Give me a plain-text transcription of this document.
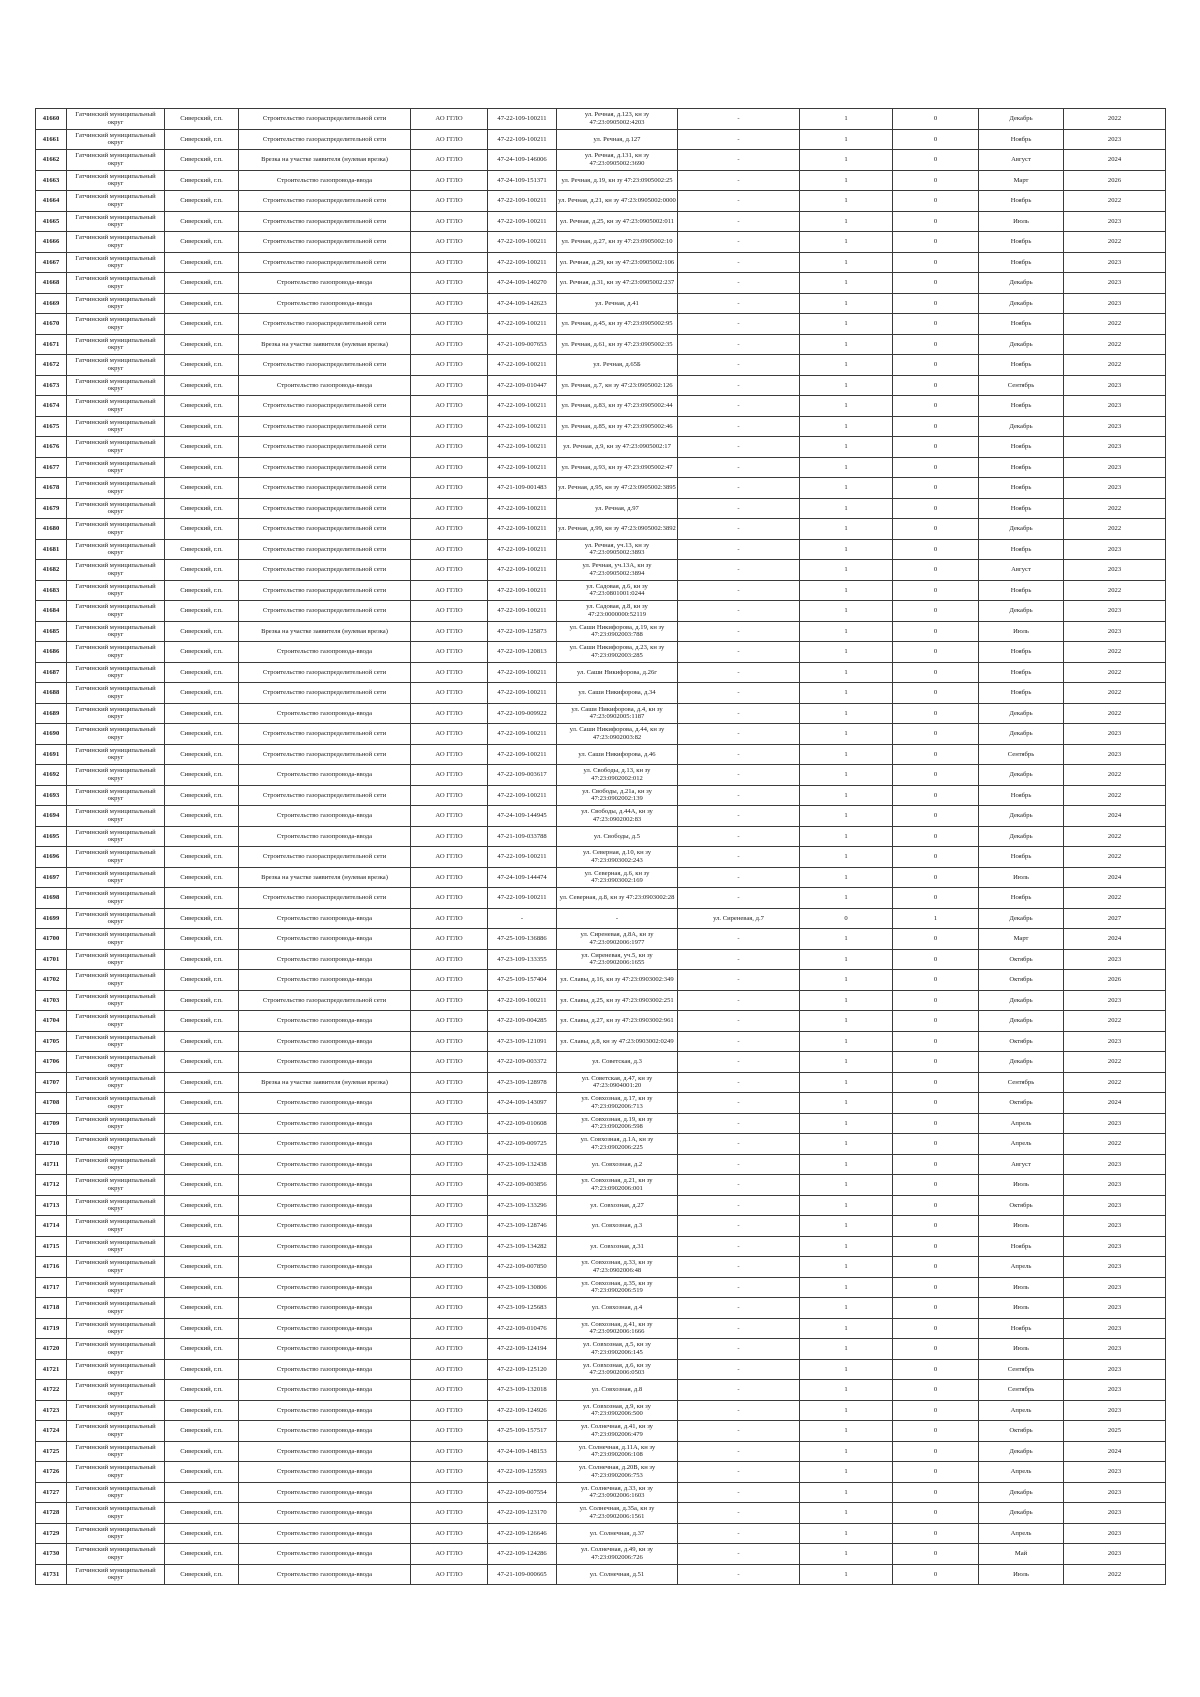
41660	Гатчинский муниципальный округ	Сиверский, г.п.	Строительство газораспределительной сети	АО ГГЛО	47-22-109-100211	ул. Речная, д.123, кн зу 47:23:0905002:4203	-	1	0	Декабрь	2022
41661	Гатчинский муниципальный округ	Сиверский, г.п.	Строительство газораспределительной сети	АО ГГЛО	47-22-109-100211	ул. Речная, д.127	-	1	0	Ноябрь	2023
41662	Гатчинский муниципальный округ	Сиверский, г.п.	Врезка на участке заявителя (нулевая врезка)	АО ГГЛО	47-24-109-146006	ул. Речная, д.131, кн зу 47:23:0905002:3690	-	1	0	Август	2024
41663	Гатчинский муниципальный округ	Сиверский, г.п.	Строительство газопровода-ввода	АО ГГЛО	47-24-109-151371	ул. Речная, д.19, кн зу 47:23:0905002:25	-	1	0	Март	2026
41664	Гатчинский муниципальный округ	Сиверский, г.п.	Строительство газораспределительной сети	АО ГГЛО	47-22-109-100211	ул. Речная, д.21, кн зу 47:23:0905002:0000	-	1	0	Ноябрь	2022
41665	Гатчинский муниципальный округ	Сиверский, г.п.	Строительство газораспределительной сети	АО ГГЛО	47-22-109-100211	ул. Речная, д.25, кн зу 47:23:0905002:011	-	1	0	Июль	2023
41666	Гатчинский муниципальный округ	Сиверский, г.п.	Строительство газораспределительной сети	АО ГГЛО	47-22-109-100211	ул. Речная, д.27, кн зу 47:23:0905002:10	-	1	0	Ноябрь	2022
41667	Гатчинский муниципальный округ	Сиверский, г.п.	Строительство газораспределительной сети	АО ГГЛО	47-22-109-100211	ул. Речная, д.29, кн зу 47:23:0905002:106	-	1	0	Ноябрь	2023
41668	Гатчинский муниципальный округ	Сиверский, г.п.	Строительство газопровода-ввода	АО ГГЛО	47-24-109-140270	ул. Речная, д.31, кн зу 47:23:0905002:237	-	1	0	Декабрь	2023
41669	Гатчинский муниципальный округ	Сиверский, г.п.	Строительство газопровода-ввода	АО ГГЛО	47-24-109-142623	ул. Речная, д.41	-	1	0	Декабрь	2023
41670	Гатчинский муниципальный округ	Сиверский, г.п.	Строительство газораспределительной сети	АО ГГЛО	47-22-109-100211	ул. Речная, д.45, кн зу 47:23:0905002:95	-	1	0	Ноябрь	2022
41671	Гатчинский муниципальный округ	Сиверский, г.п.	Врезка на участке заявителя (нулевая врезка)	АО ГГЛО	47-21-109-007653	ул. Речная, д.61, кн зу 47:23:0905002:35	-	1	0	Декабрь	2022
41672	Гатчинский муниципальный округ	Сиверский, г.п.	Строительство газораспределительной сети	АО ГГЛО	47-22-109-100211	ул. Речная, д.65Б	-	1	0	Ноябрь	2022
41673	Гатчинский муниципальный округ	Сиверский, г.п.	Строительство газопровода-ввода	АО ГГЛО	47-22-109-010447	ул. Речная, д.7, кн зу 47:23:0905002:126	-	1	0	Сентябрь	2023
41674	Гатчинский муниципальный округ	Сиверский, г.п.	Строительство газораспределительной сети	АО ГГЛО	47-22-109-100211	ул. Речная, д.83, кн зу 47:23:0905002:44	-	1	0	Ноябрь	2023
41675	Гатчинский муниципальный округ	Сиверский, г.п.	Строительство газораспределительной сети	АО ГГЛО	47-22-109-100211	ул. Речная, д.85, кн зу 47:23:0905002:46	-	1	0	Декабрь	2023
41676	Гатчинский муниципальный округ	Сиверский, г.п.	Строительство газораспределительной сети	АО ГГЛО	47-22-109-100211	ул. Речная, д.9, кн зу 47:23:0905002:17	-	1	0	Ноябрь	2023
41677	Гатчинский муниципальный округ	Сиверский, г.п.	Строительство газораспределительной сети	АО ГГЛО	47-22-109-100211	ул. Речная, д.93, кн зу 47:23:0905002:47	-	1	0	Ноябрь	2023
41678	Гатчинский муниципальный округ	Сиверский, г.п.	Строительство газораспределительной сети	АО ГГЛО	47-21-109-001483	ул. Речная, д.95, кн зу 47:23:0905002:3895	-	1	0	Ноябрь	2023
41679	Гатчинский муниципальный округ	Сиверский, г.п.	Строительство газораспределительной сети	АО ГГЛО	47-22-109-100211	ул. Речная, д.97	-	1	0	Ноябрь	2022
41680	Гатчинский муниципальный округ	Сиверский, г.п.	Строительство газораспределительной сети	АО ГГЛО	47-22-109-100211	ул. Речная, д.99, кн зу 47:23:0905002:3892	-	1	0	Декабрь	2022
41681	Гатчинский муниципальный округ	Сиверский, г.п.	Строительство газораспределительной сети	АО ГГЛО	47-22-109-100211	ул. Речная, уч.13, кн зу 47:23:0905002:3893	-	1	0	Ноябрь	2023
41682	Гатчинский муниципальный округ	Сиверский, г.п.	Строительство газораспределительной сети	АО ГГЛО	47-22-109-100211	ул. Речная, уч.13А, кн зу 47:23:0905002:3894	-	1	0	Август	2023
41683	Гатчинский муниципальный округ	Сиверский, г.п.	Строительство газораспределительной сети	АО ГГЛО	47-22-109-100211	ул. Садовая, д.6, кн зу 47:23:0801001:0244	-	1	0	Ноябрь	2022
41684	Гатчинский муниципальный округ	Сиверский, г.п.	Строительство газораспределительной сети	АО ГГЛО	47-22-109-100211	ул. Садовая, д.8, кн зу 47:23:0000000:52119	-	1	0	Декабрь	2023
41685	Гатчинский муниципальный округ	Сиверский, г.п.	Врезка на участке заявителя (нулевая врезка)	АО ГГЛО	47-22-109-125873	ул. Саши Никифорова, д.19, кн зу 47:23:0902003:788	-	1	0	Июль	2023
41686	Гатчинский муниципальный округ	Сиверский, г.п.	Строительство газопровода-ввода	АО ГГЛО	47-22-109-120813	ул. Саши Никифорова, д.23, кн зу 47:23:0902003:285	-	1	0	Ноябрь	2022
41687	Гатчинский муниципальный округ	Сиверский, г.п.	Строительство газораспределительной сети	АО ГГЛО	47-22-109-100211	ул. Саши Никифорова, д.26г	-	1	0	Ноябрь	2022
41688	Гатчинский муниципальный округ	Сиверский, г.п.	Строительство газораспределительной сети	АО ГГЛО	47-22-109-100211	ул. Саши Никифорова, д.34	-	1	0	Ноябрь	2022
41689	Гатчинский муниципальный округ	Сиверский, г.п.	Строительство газопровода-ввода	АО ГГЛО	47-22-109-009922	ул. Саши Никифорова, д.4, кн зу 47:23:0902005:1187	-	1	0	Декабрь	2022
41690	Гатчинский муниципальный округ	Сиверский, г.п.	Строительство газораспределительной сети	АО ГГЛО	47-22-109-100211	ул. Саши Никифорова, д.44, кн зу 47:23:0902003:82	-	1	0	Декабрь	2023
41691	Гатчинский муниципальный округ	Сиверский, г.п.	Строительство газораспределительной сети	АО ГГЛО	47-22-109-100211	ул. Саши Никифорова, д.46	-	1	0	Сентябрь	2023
41692	Гатчинский муниципальный округ	Сиверский, г.п.	Строительство газопровода-ввода	АО ГГЛО	47-22-109-003617	ул. Свободы, д.13, кн зу 47:23:0902002:012	-	1	0	Декабрь	2022
41693	Гатчинский муниципальный округ	Сиверский, г.п.	Строительство газораспределительной сети	АО ГГЛО	47-22-109-100211	ул. Свободы, д.21а, кн зу 47:23:0902002:139	-	1	0	Ноябрь	2022
41694	Гатчинский муниципальный округ	Сиверский, г.п.	Строительство газопровода-ввода	АО ГГЛО	47-24-109-144945	ул. Свободы, д.44А, кн зу 47:23:0902002:83	-	1	0	Декабрь	2024
41695	Гатчинский муниципальный округ	Сиверский, г.п.	Строительство газопровода-ввода	АО ГГЛО	47-21-109-033788	ул. Свободы, д.5	-	1	0	Декабрь	2022
41696	Гатчинский муниципальный округ	Сиверский, г.п.	Строительство газораспределительной сети	АО ГГЛО	47-22-109-100211	ул. Северная, д.10, кн зу 47:23:0903002:243	-	1	0	Ноябрь	2022
41697	Гатчинский муниципальный округ	Сиверский, г.п.	Врезка на участке заявителя (нулевая врезка)	АО ГГЛО	47-24-109-144474	ул. Северная, д.6, кн зу 47:23:0903002:169	-	1	0	Июль	2024
41698	Гатчинский муниципальный округ	Сиверский, г.п.	Строительство газораспределительной сети	АО ГГЛО	47-22-109-100211	ул. Северная, д.8, кн зу 47:23:0903002:28	-	1	0	Ноябрь	2022
41699	Гатчинский муниципальный округ	Сиверский, г.п.	Строительство газопровода-ввода	АО ГГЛО	-	-	ул. Сиреневая, д.7	0	1	Декабрь	2027
41700	Гатчинский муниципальный округ	Сиверский, г.п.	Строительство газопровода-ввода	АО ГГЛО	47-25-109-136886	ул. Сиреневая, д.8А, кн зу 47:23:0902006:1977	-	1	0	Март	2024
41701	Гатчинский муниципальный округ	Сиверский, г.п.	Строительство газопровода-ввода	АО ГГЛО	47-23-109-133355	ул. Сиреневая, уч.5, кн зу 47:23:0902006:1655	-	1	0	Октябрь	2023
41702	Гатчинский муниципальный округ	Сиверский, г.п.	Строительство газопровода-ввода	АО ГГЛО	47-25-109-157404	ул. Славы, д.16, кн зу 47:23:0903002:349	-	1	0	Октябрь	2026
41703	Гатчинский муниципальный округ	Сиверский, г.п.	Строительство газораспределительной сети	АО ГГЛО	47-22-109-100211	ул. Славы, д.25, кн зу 47:23:0903002:251	-	1	0	Декабрь	2023
41704	Гатчинский муниципальный округ	Сиверский, г.п.	Строительство газопровода-ввода	АО ГГЛО	47-22-109-004285	ул. Славы, д.27, кн зу 47:23:0903002:961	-	1	0	Декабрь	2022
41705	Гатчинский муниципальный округ	Сиверский, г.п.	Строительство газопровода-ввода	АО ГГЛО	47-23-109-121091	ул. Славы, д.8, кн зу 47:23:0903002:0249	-	1	0	Октябрь	2023
41706	Гатчинский муниципальный округ	Сиверский, г.п.	Строительство газопровода-ввода	АО ГГЛО	47-22-109-003372	ул. Советская, д.3	-	1	0	Декабрь	2022
41707	Гатчинский муниципальный округ	Сиверский, г.п.	Врезка на участке заявителя (нулевая врезка)	АО ГГЛО	47-23-109-128978	ул. Советская, д.47, кн зу 47:23:0904001:20	-	1	0	Сентябрь	2022
41708	Гатчинский муниципальный округ	Сиверский, г.п.	Строительство газопровода-ввода	АО ГГЛО	47-24-109-143097	ул. Совхозная, д.17, кн зу 47:23:0902006:713	-	1	0	Октябрь	2024
41709	Гатчинский муниципальный округ	Сиверский, г.п.	Строительство газопровода-ввода	АО ГГЛО	47-22-109-010608	ул. Совхозная, д.19, кн зу 47:23:0902006:598	-	1	0	Апрель	2023
41710	Гатчинский муниципальный округ	Сиверский, г.п.	Строительство газопровода-ввода	АО ГГЛО	47-22-109-009725	ул. Совхозная, д.1А, кн зу 47:23:0902006:225	-	1	0	Апрель	2022
41711	Гатчинский муниципальный округ	Сиверский, г.п.	Строительство газопровода-ввода	АО ГГЛО	47-23-109-132438	ул. Совхозная, д.2	-	1	0	Август	2023
41712	Гатчинский муниципальный округ	Сиверский, г.п.	Строительство газопровода-ввода	АО ГГЛО	47-22-109-003856	ул. Совхозная, д.21, кн зу 47:23:0902006:001	-	1	0	Июль	2023
41713	Гатчинский муниципальный округ	Сиверский, г.п.	Строительство газопровода-ввода	АО ГГЛО	47-23-109-133296	ул. Совхозная, д.27	-	1	0	Октябрь	2023
41714	Гатчинский муниципальный округ	Сиверский, г.п.	Строительство газопровода-ввода	АО ГГЛО	47-23-109-128746	ул. Совхозная, д.3	-	1	0	Июль	2023
41715	Гатчинский муниципальный округ	Сиверский, г.п.	Строительство газопровода-ввода	АО ГГЛО	47-23-109-134282	ул. Совхозная, д.31	-	1	0	Ноябрь	2023
41716	Гатчинский муниципальный округ	Сиверский, г.п.	Строительство газопровода-ввода	АО ГГЛО	47-22-109-007850	ул. Совхозная, д.33, кн зу 47:23:0902006:48	-	1	0	Апрель	2023
41717	Гатчинский муниципальный округ	Сиверский, г.п.	Строительство газопровода-ввода	АО ГГЛО	47-23-109-130806	ул. Совхозная, д.35, кн зу 47:23:0902006:519	-	1	0	Июль	2023
41718	Гатчинский муниципальный округ	Сиверский, г.п.	Строительство газопровода-ввода	АО ГГЛО	47-23-109-125683	ул. Совхозная, д.4	-	1	0	Июль	2023
41719	Гатчинский муниципальный округ	Сиверский, г.п.	Строительство газопровода-ввода	АО ГГЛО	47-22-109-010476	ул. Совхозная, д.41, кн зу 47:23:0902006:1666	-	1	0	Ноябрь	2023
41720	Гатчинский муниципальный округ	Сиверский, г.п.	Строительство газопровода-ввода	АО ГГЛО	47-22-109-124194	ул. Совхозная, д.5, кн зу 47:23:0902006:145	-	1	0	Июль	2023
41721	Гатчинский муниципальный округ	Сиверский, г.п.	Строительство газопровода-ввода	АО ГГЛО	47-22-109-125120	ул. Совхозная, д.6, кн зу 47:23:0902006:0503	-	1	0	Сентябрь	2023
41722	Гатчинский муниципальный округ	Сиверский, г.п.	Строительство газопровода-ввода	АО ГГЛО	47-23-109-132018	ул. Совхозная, д.8	-	1	0	Сентябрь	2023
41723	Гатчинский муниципальный округ	Сиверский, г.п.	Строительство газопровода-ввода	АО ГГЛО	47-22-109-124926	ул. Совхозная, д.9, кн зу 47:23:0902006:500	-	1	0	Апрель	2023
41724	Гатчинский муниципальный округ	Сиверский, г.п.	Строительство газопровода-ввода	АО ГГЛО	47-25-109-157517	ул. Солнечная, д.41, кн зу 47:23:0902006:479	-	1	0	Октябрь	2025
41725	Гатчинский муниципальный округ	Сиверский, г.п.	Строительство газопровода-ввода	АО ГГЛО	47-24-109-148153	ул. Солнечная, д.11А, кн зу 47:23:0902006:108	-	1	0	Декабрь	2024
41726	Гатчинский муниципальный округ	Сиверский, г.п.	Строительство газопровода-ввода	АО ГГЛО	47-22-109-125593	ул. Солнечная, д.20В, кн зу 47:23:0902006:753	-	1	0	Апрель	2023
41727	Гатчинский муниципальный округ	Сиверский, г.п.	Строительство газопровода-ввода	АО ГГЛО	47-22-109-007554	ул. Солнечная, д.33, кн зу 47:23:0902006:1603	-	1	0	Декабрь	2023
41728	Гатчинский муниципальный округ	Сиверский, г.п.	Строительство газопровода-ввода	АО ГГЛО	47-22-109-123170	ул. Солнечная, д.35а, кн зу 47:23:0902006:1561	-	1	0	Декабрь	2023
41729	Гатчинский муниципальный округ	Сиверский, г.п.	Строительство газопровода-ввода	АО ГГЛО	47-22-109-126646	ул. Солнечная, д.37	-	1	0	Апрель	2023
41730	Гатчинский муниципальный округ	Сиверский, г.п.	Строительство газопровода-ввода	АО ГГЛО	47-22-109-124286	ул. Солнечная, д.49, кн зу 47:23:0902006:726	-	1	0	Май	2023
41731	Гатчинский муниципальный округ	Сиверский, г.п.	Строительство газопровода-ввода	АО ГГЛО	47-21-109-000665	ул. Солнечная, д.51	-	1	0	Июль	2022
